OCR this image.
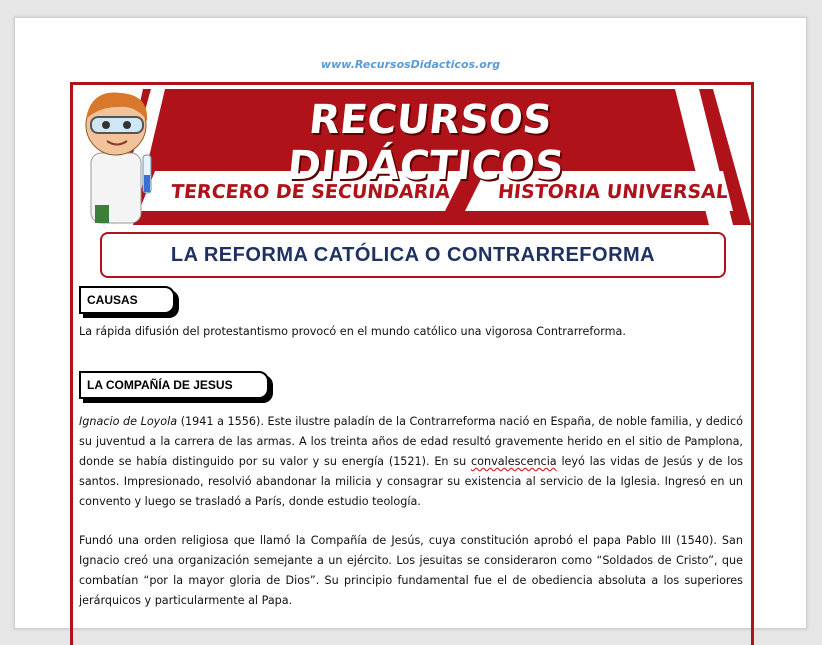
www.RecursosDidacticos.org
RECURSOS DIDÁCTICOS
TERCERO DE SECUNDARIA HISTORIA UNIVERSAL
LA REFORMA CATÓLICA O CONTRARREFORMA
CAUSAS

La rápida difusión del protestantismo provocó en el mundo católico una vigorosa Contrarreforma.

LA COMPAÑÍA DE JESUS

Ignacio de Loyola (1941 a 1556). Este ilustre paladín de la Contrarreforma nació en España, de noble familia, y dedicó su juventud a la carrera de las armas. A los treinta años de edad resultó gravemente herido en el sitio de Pamplona, donde se había distinguido por su valor y su energía (1521). En su convalescencia leyó las vidas de Jesús y de los santos. Impresionado, resolvió abandonar la milicia y consagrar su existencia al servicio de la Iglesia. Ingresó en un convento y luego se trasladó a París, donde estudio teología.

Fundó una orden religiosa que llamó la Compañía de Jesús, cuya constitución aprobó el papa Pablo III (1540). San Ignacio creó una organización semejante a un ejército. Los jesuitas se consideraron como “Soldados de Cristo”, que combatían “por la mayor gloria de Dios”. Su principio fundamental fue el de obediencia absoluta a los superiores jerárquicos y particularmente al Papa.
